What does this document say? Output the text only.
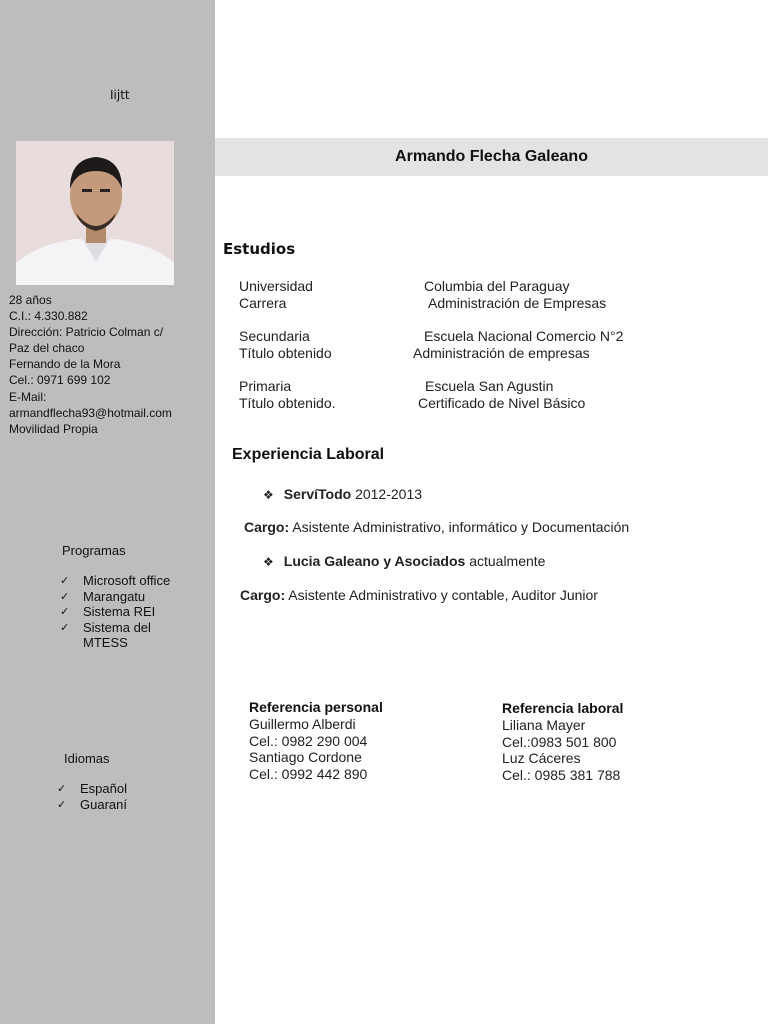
Iijtt
28 años
C.I.: 4.330.882
Dirección: Patricio Colman c/
Paz del chaco
Fernando de la Mora
Cel.: 0971 699 102
E-Mail:
armandflecha93@hotmail.com
Movilidad Propia
Programas
✓ Microsoft office
✓ Marangatu
✓ Sistema REI
✓ Sistema del
MTESS
Idiomas
✓ Español
✓ Guaraní
Armando Flecha Galeano
Estudios
Universidad	Columbia del Paraguay
Carrera	Administración de Empresas
Secundaria	Escuela Nacional Comercio N°2
Título obtenido	Administración de empresas
Primaria	Escuela San Agustin
Título obtenido.	Certificado de Nivel Básico
Experiencia Laboral
❖ ServíTodo 2012-2013
Cargo: Asistente Administrativo, informático y Documentación
❖ Lucia Galeano y Asociados actualmente
Cargo: Asistente Administrativo y contable, Auditor Junior
Referencia personal
Guillermo Alberdi
Cel.: 0982 290 004
Santiago Cordone
Cel.: 0992 442 890
Referencia laboral
Liliana Mayer
Cel.:0983 501 800
Luz Cáceres
Cel.: 0985 381 788
